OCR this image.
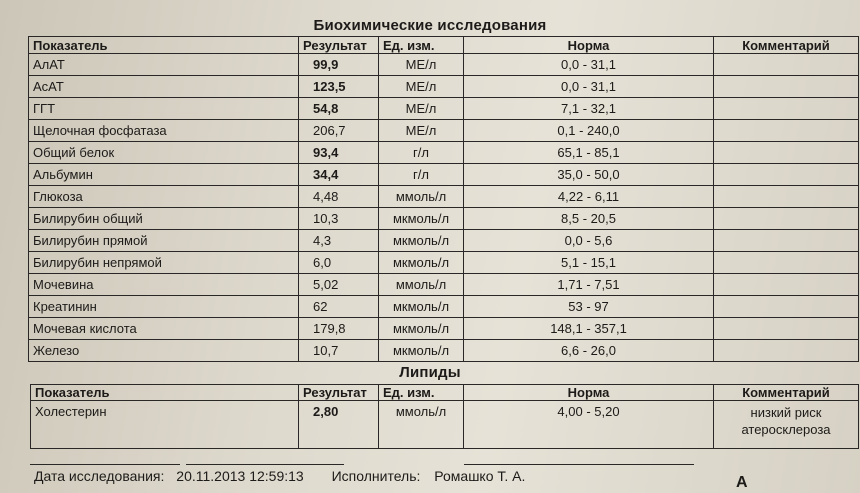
Биохимические исследования
Показатель	Результат	Ед. изм.	Норма	Комментарий
АлАТ	99,9	МЕ/л	0,0 - 31,1	
АсАТ	123,5	МЕ/л	0,0 - 31,1	
ГГТ	54,8	МЕ/л	7,1 - 32,1	
Щелочная фосфатаза	206,7	МЕ/л	0,1 - 240,0	
Общий белок	93,4	г/л	65,1 - 85,1	
Альбумин	34,4	г/л	35,0 - 50,0	
Глюкоза	4,48	ммоль/л	4,22 - 6,11	
Билирубин общий	10,3	мкмоль/л	8,5 - 20,5	
Билирубин прямой	4,3	мкмоль/л	0,0 - 5,6	
Билирубин непрямой	6,0	мкмоль/л	5,1 - 15,1	
Мочевина	5,02	ммоль/л	1,71 - 7,51	
Креатинин	62	мкмоль/л	53 - 97	
Мочевая кислота	179,8	мкмоль/л	148,1 - 357,1	
Железо	10,7	мкмоль/л	6,6 - 26,0	
Липиды
Показатель	Результат	Ед. изм.	Норма	Комментарий
Холестерин	2,80	ммоль/л	4,00 - 5,20	низкий риск атеросклероза
Дата исследования: 20.11.2013 12:59:13 Исполнитель: Ромашко Т. А.	А
